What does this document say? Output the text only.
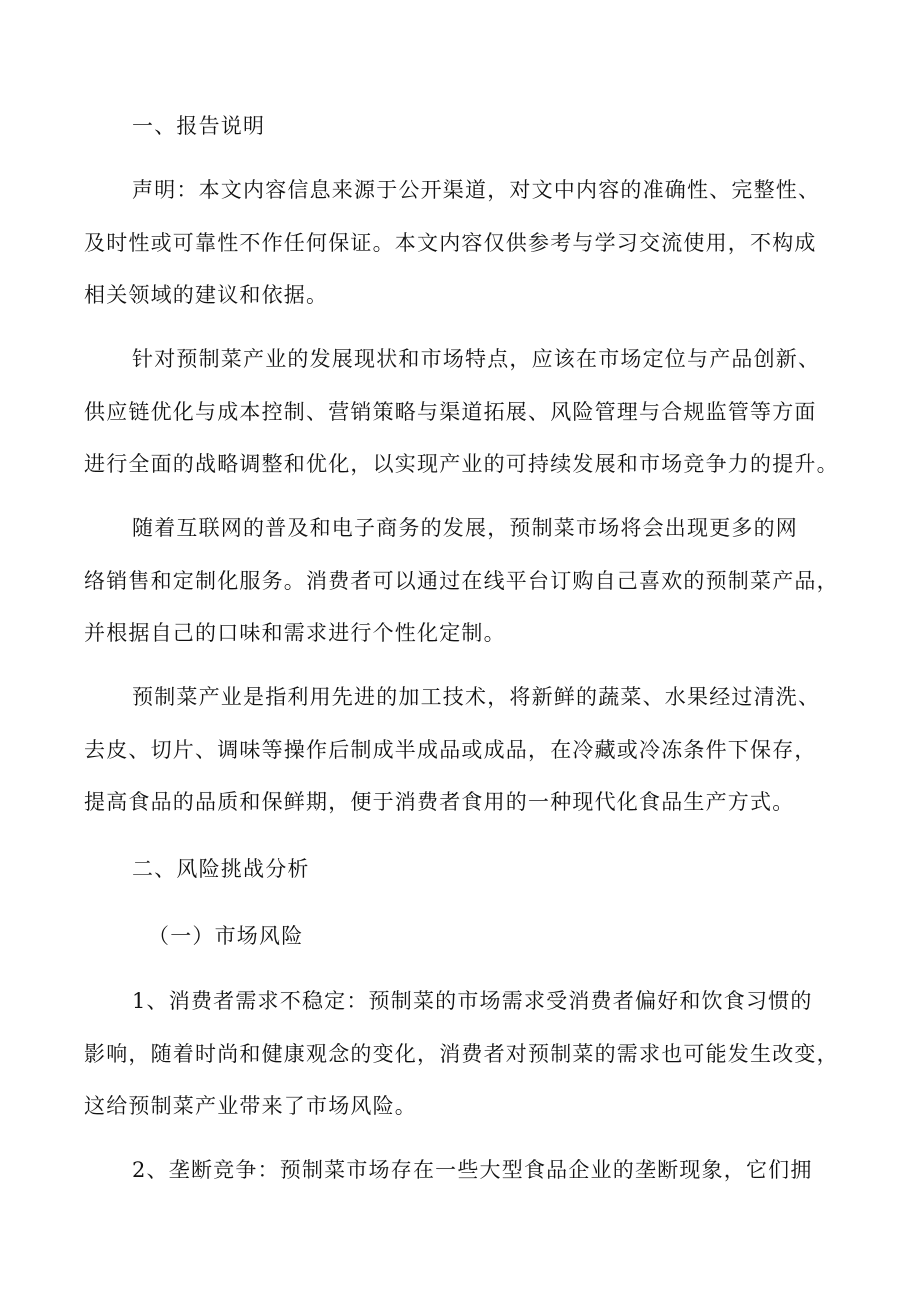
一、报告说明
声明：本文内容信息来源于公开渠道，对文中内容的准确性、完整性、
及时性或可靠性不作任何保证。本文内容仅供参考与学习交流使用，不构成
相关领域的建议和依据。
针对预制菜产业的发展现状和市场特点，应该在市场定位与产品创新、
供应链优化与成本控制、营销策略与渠道拓展、风险管理与合规监管等方面
进行全面的战略调整和优化，以实现产业的可持续发展和市场竞争力的提升。
随着互联网的普及和电子商务的发展，预制菜市场将会出现更多的网
络销售和定制化服务。消费者可以通过在线平台订购自己喜欢的预制菜产品，
并根据自己的口味和需求进行个性化定制。
预制菜产业是指利用先进的加工技术，将新鲜的蔬菜、水果经过清洗、
去皮、切片、调味等操作后制成半成品或成品，在冷藏或冷冻条件下保存，
提高食品的品质和保鲜期，便于消费者食用的一种现代化食品生产方式。
二、风险挑战分析
（一）市场风险
1、消费者需求不稳定：预制菜的市场需求受消费者偏好和饮食习惯的
影响，随着时尚和健康观念的变化，消费者对预制菜的需求也可能发生改变，
这给预制菜产业带来了市场风险。
2、垄断竞争：预制菜市场存在一些大型食品企业的垄断现象，它们拥
